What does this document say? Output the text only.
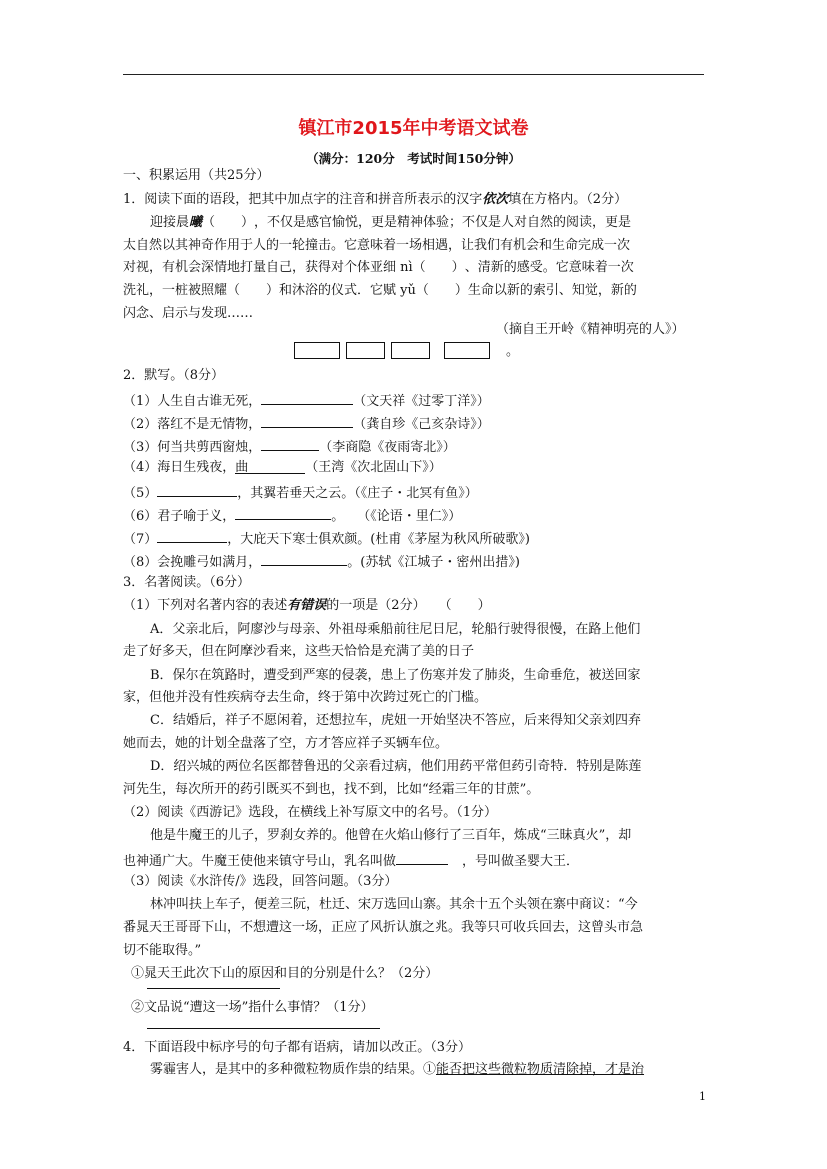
镇江市2015年中考语文试卷
（满分：120分　考试时间150分钟）
一、积累运用（共25分）
1．阅读下面的语段，把其中加点字的注音和拼音所表示的汉字依次填在方格内。（2分）
迎接晨曦（　　），不仅是感官愉悦，更是精神体验；不仅是人对自然的阅读，更是
太自然以其神奇作用于人的一轮撞击。它意味着一场相遇，让我们有机会和生命完成一次
对视，有机会深情地打量自己，获得对个体亚细 nì（　　）、清新的感受。它意味着一次
洗礼，一桩被照耀（　　）和沐浴的仪式．它赋 yǔ（　　）生命以新的索引、知觉，新的
闪念、启示与发现……
（摘自王开岭《精神明亮的人》）
。
2．默写。（8分）
（1）人生自古谁无死，	（文天祥《过零丁洋》）
（2）落红不是无情物，	（龚自珍《己亥杂诗》）
（3）何当共剪西窗烛，	（李商隐《夜雨寄北》）
（4）海日生残夜，曲	（王湾《次北固山下》）
（5）	，其翼若垂天之云。（《庄子・北冥有鱼》）
（6）君子喻于义，	。　　（《论语・里仁》）
（7）	，大庇天下寒士俱欢颜。(杜甫《茅屋为秋风所破歌》)
（8）会挽雕弓如满月，	。(苏轼《江城子・密州出措》)
3．名著阅读。（6分）
（1）下列对名著内容的表述有错误的一项是（2分）　　（　　）
A．父亲北后，阿廖沙与母亲、外祖母乘船前往尼日尼，轮船行驶得很慢，在路上他们
走了好多天，但在阿摩沙看来，这些天恰恰是充满了美的日子
B．保尔在筑路时，遭受到严寒的侵袭，患上了伤寒并发了肺炎，生命垂危，被送回家
家，但他并没有性疾病夺去生命，终于第中次跨过死亡的门槛。
C．结婚后，祥子不愿闲着，还想拉车，虎妞一开始坚决不答应，后来得知父亲刘四弃
她而去，她的计划全盘落了空，方才答应祥子买辆车位。
D．绍兴城的两位名医都替鲁迅的父亲看过病，他们用药平常但药引奇特．特别是陈莲
河先生，每次所开的药引既买不到也，找不到，比如“经霜三年的甘蔗”。
（2）阅读《西游记》选段，在横线上补写原文中的名号。（1分）
他是牛魔王的儿子，罗刹女养的。他曾在火焰山修行了三百年，炼成“三昧真火”，却
也神通广大。牛魔王使他来镇守号山，乳名叫做	，号叫做圣婴大王．
（3）阅读《水浒传/》选段，回答问题。（3分）
林冲叫扶上车子，便差三阮，杜迁、宋万选回山寨。其余十五个头领在寨中商议：“今
番晁天王哥哥下山，不想遭这一场，正应了风折认旗之兆。我等只可收兵回去，这曾头市急
切不能取得。”
①晁天王此次下山的原因和目的分别是什么？（2分）
②文品说“遭这一场”指什么事情？（1分）
4．下面语段中标序号的句子都有语病，请加以改正。（3分）
雾霾害人，是其中的多种微粒物质作祟的结果。①能否把这些微粒物质清除掉，才是治
1
